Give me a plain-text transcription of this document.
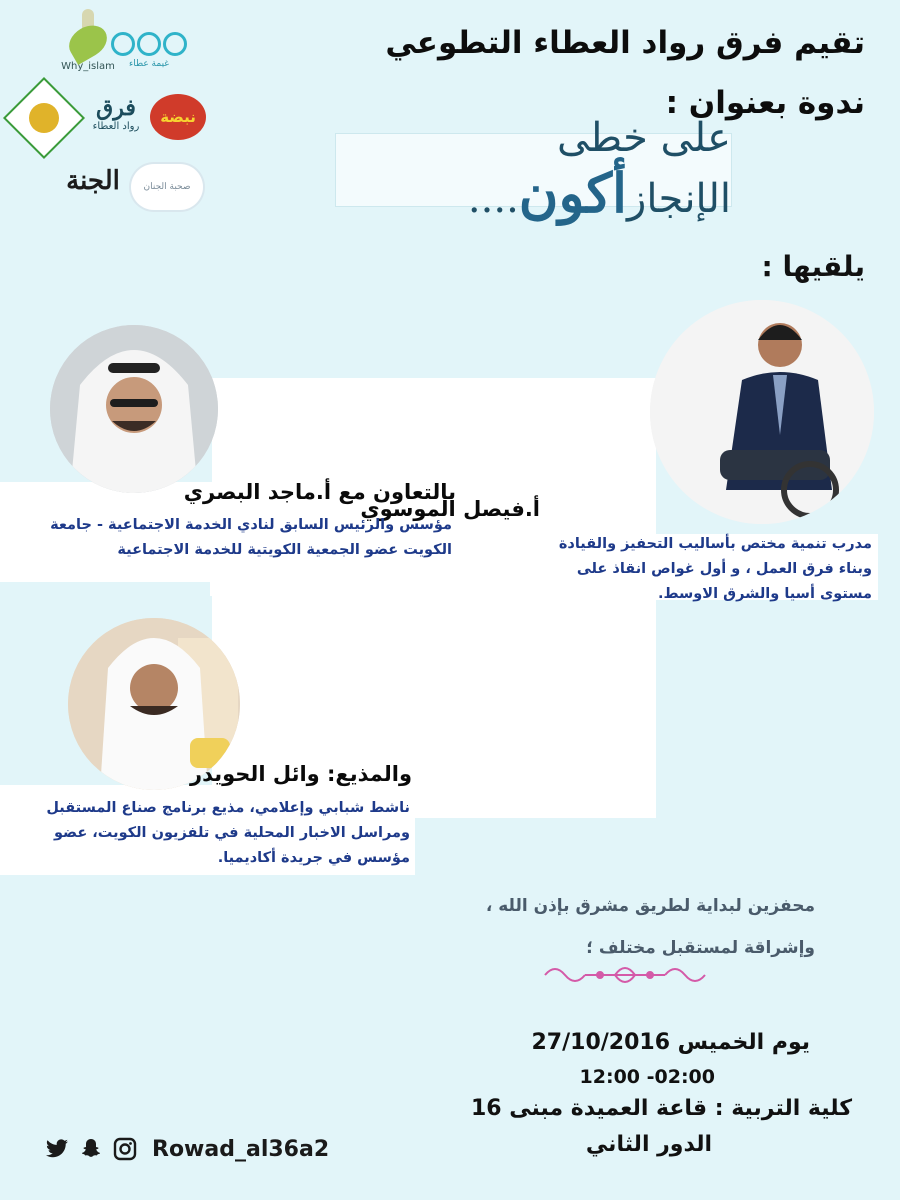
تقيم فرق رواد العطاء التطوعي
ندوة بعنوان :
على خطى الإنجازأكون....
Why_islam غيمة عطاء
فرق
رواد العطاء	نبضة
الجنة	صحبة الجنان
يلقيها :
أ.فيصل الموسوي
مدرب تنمية مختص بأساليب التحفيز والقيادة وبناء فرق العمل ، و أول غواص انقاذ على مستوى أسيا والشرق الاوسط.
بالتعاون مع أ.ماجد البصري
مؤسس والرئيس السابق لنادي الخدمة الاجتماعية - جامعة الكويت عضو الجمعية الكويتية للخدمة الاجتماعية
والمذيع: وائل الحويدر
ناشط شبابي وإعلامي، مذيع برنامج صناع المستقبل ومراسل الاخبار المحلية في تلفزيون الكويت، عضو مؤسس في جريدة أكاديميا.
محفزين لبداية لطريق مشرق بإذن الله ،
وإشراقة لمستقبل مختلف ؛
يوم الخميس 27/10/2016
12:00 -02:00
كلية التربية : قاعة العميدة مبنى 16
الدور الثاني
Rowad_al36a2
